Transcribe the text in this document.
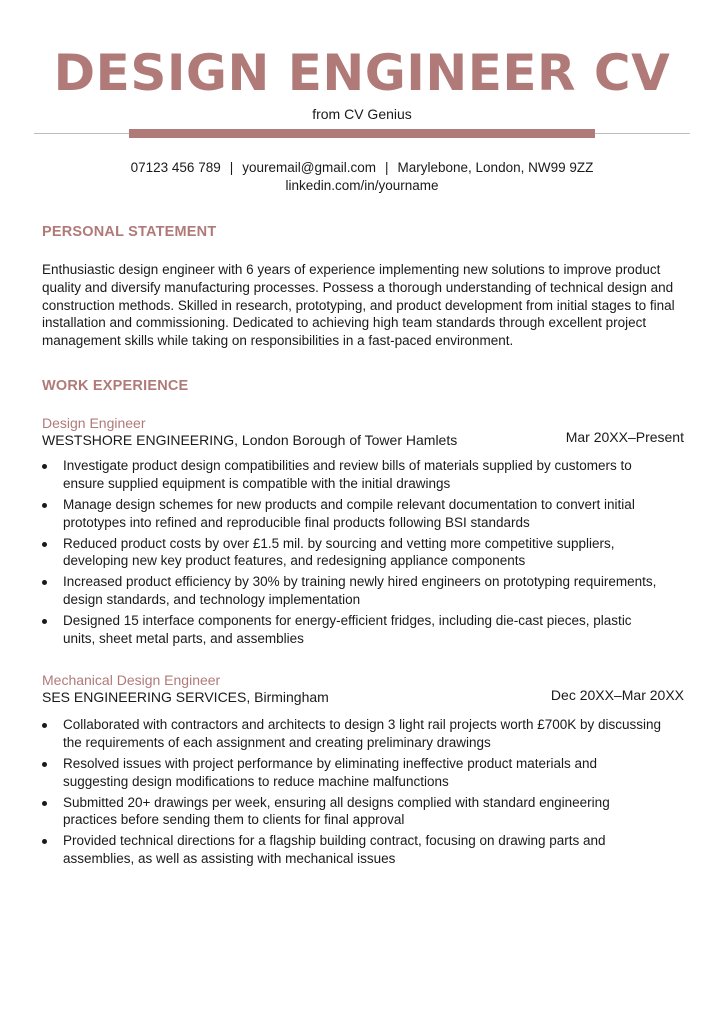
DESIGN ENGINEER CV
from CV Genius
07123 456 789 | youremail@gmail.com | Marylebone, London, NW99 9ZZ
linkedin.com/in/yourname
PERSONAL STATEMENT
Enthusiastic design engineer with 6 years of experience implementing new solutions to improve product quality and diversify manufacturing processes. Possess a thorough understanding of technical design and construction methods. Skilled in research, prototyping, and product development from initial stages to final installation and commissioning. Dedicated to achieving high team standards through excellent project management skills while taking on responsibilities in a fast-paced environment.
WORK EXPERIENCE
Design Engineer
WESTSHORE ENGINEERING, London Borough of Tower Hamlets	Mar 20XX–Present
Investigate product design compatibilities and review bills of materials supplied by customers to ensure supplied equipment is compatible with the initial drawings
Manage design schemes for new products and compile relevant documentation to convert initial prototypes into refined and reproducible final products following BSI standards
Reduced product costs by over £1.5 mil. by sourcing and vetting more competitive suppliers, developing new key product features, and redesigning appliance components
Increased product efficiency by 30% by training newly hired engineers on prototyping requirements, design standards, and technology implementation
Designed 15 interface components for energy-efficient fridges, including die-cast pieces, plastic units, sheet metal parts, and assemblies
Mechanical Design Engineer
SES ENGINEERING SERVICES, Birmingham	Dec 20XX–Mar 20XX
Collaborated with contractors and architects to design 3 light rail projects worth £700K by discussing the requirements of each assignment and creating preliminary drawings
Resolved issues with project performance by eliminating ineffective product materials and suggesting design modifications to reduce machine malfunctions
Submitted 20+ drawings per week, ensuring all designs complied with standard engineering practices before sending them to clients for final approval
Provided technical directions for a flagship building contract, focusing on drawing parts and assemblies, as well as assisting with mechanical issues
